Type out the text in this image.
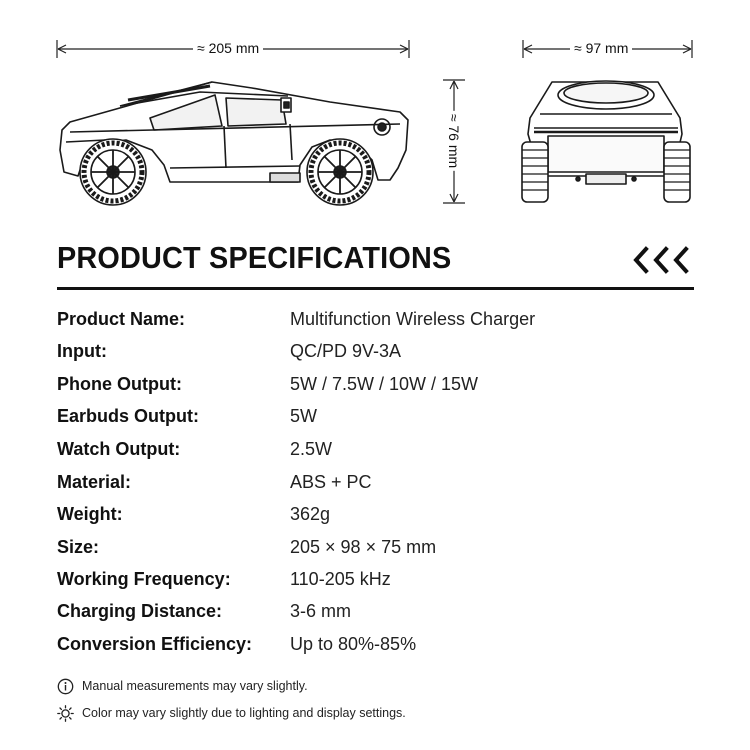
≈ 205 mm	≈ 97 mm
≈ 76 mm
PRODUCT SPECIFICATIONS
Product Name:	Multifunction Wireless Charger
Input:	QC/PD 9V-3A
Phone Output:	5W / 7.5W / 10W / 15W
Earbuds Output:	5W
Watch Output:	2.5W
Material:	ABS + PC
Weight:	362g
Size:	205 × 98 × 75 mm
Working Frequency:	110-205 kHz
Charging Distance:	3-6 mm
Conversion Efficiency: Up to 80%-85%
Manual measurements may vary slightly.
Color may vary slightly due to lighting and display settings.
